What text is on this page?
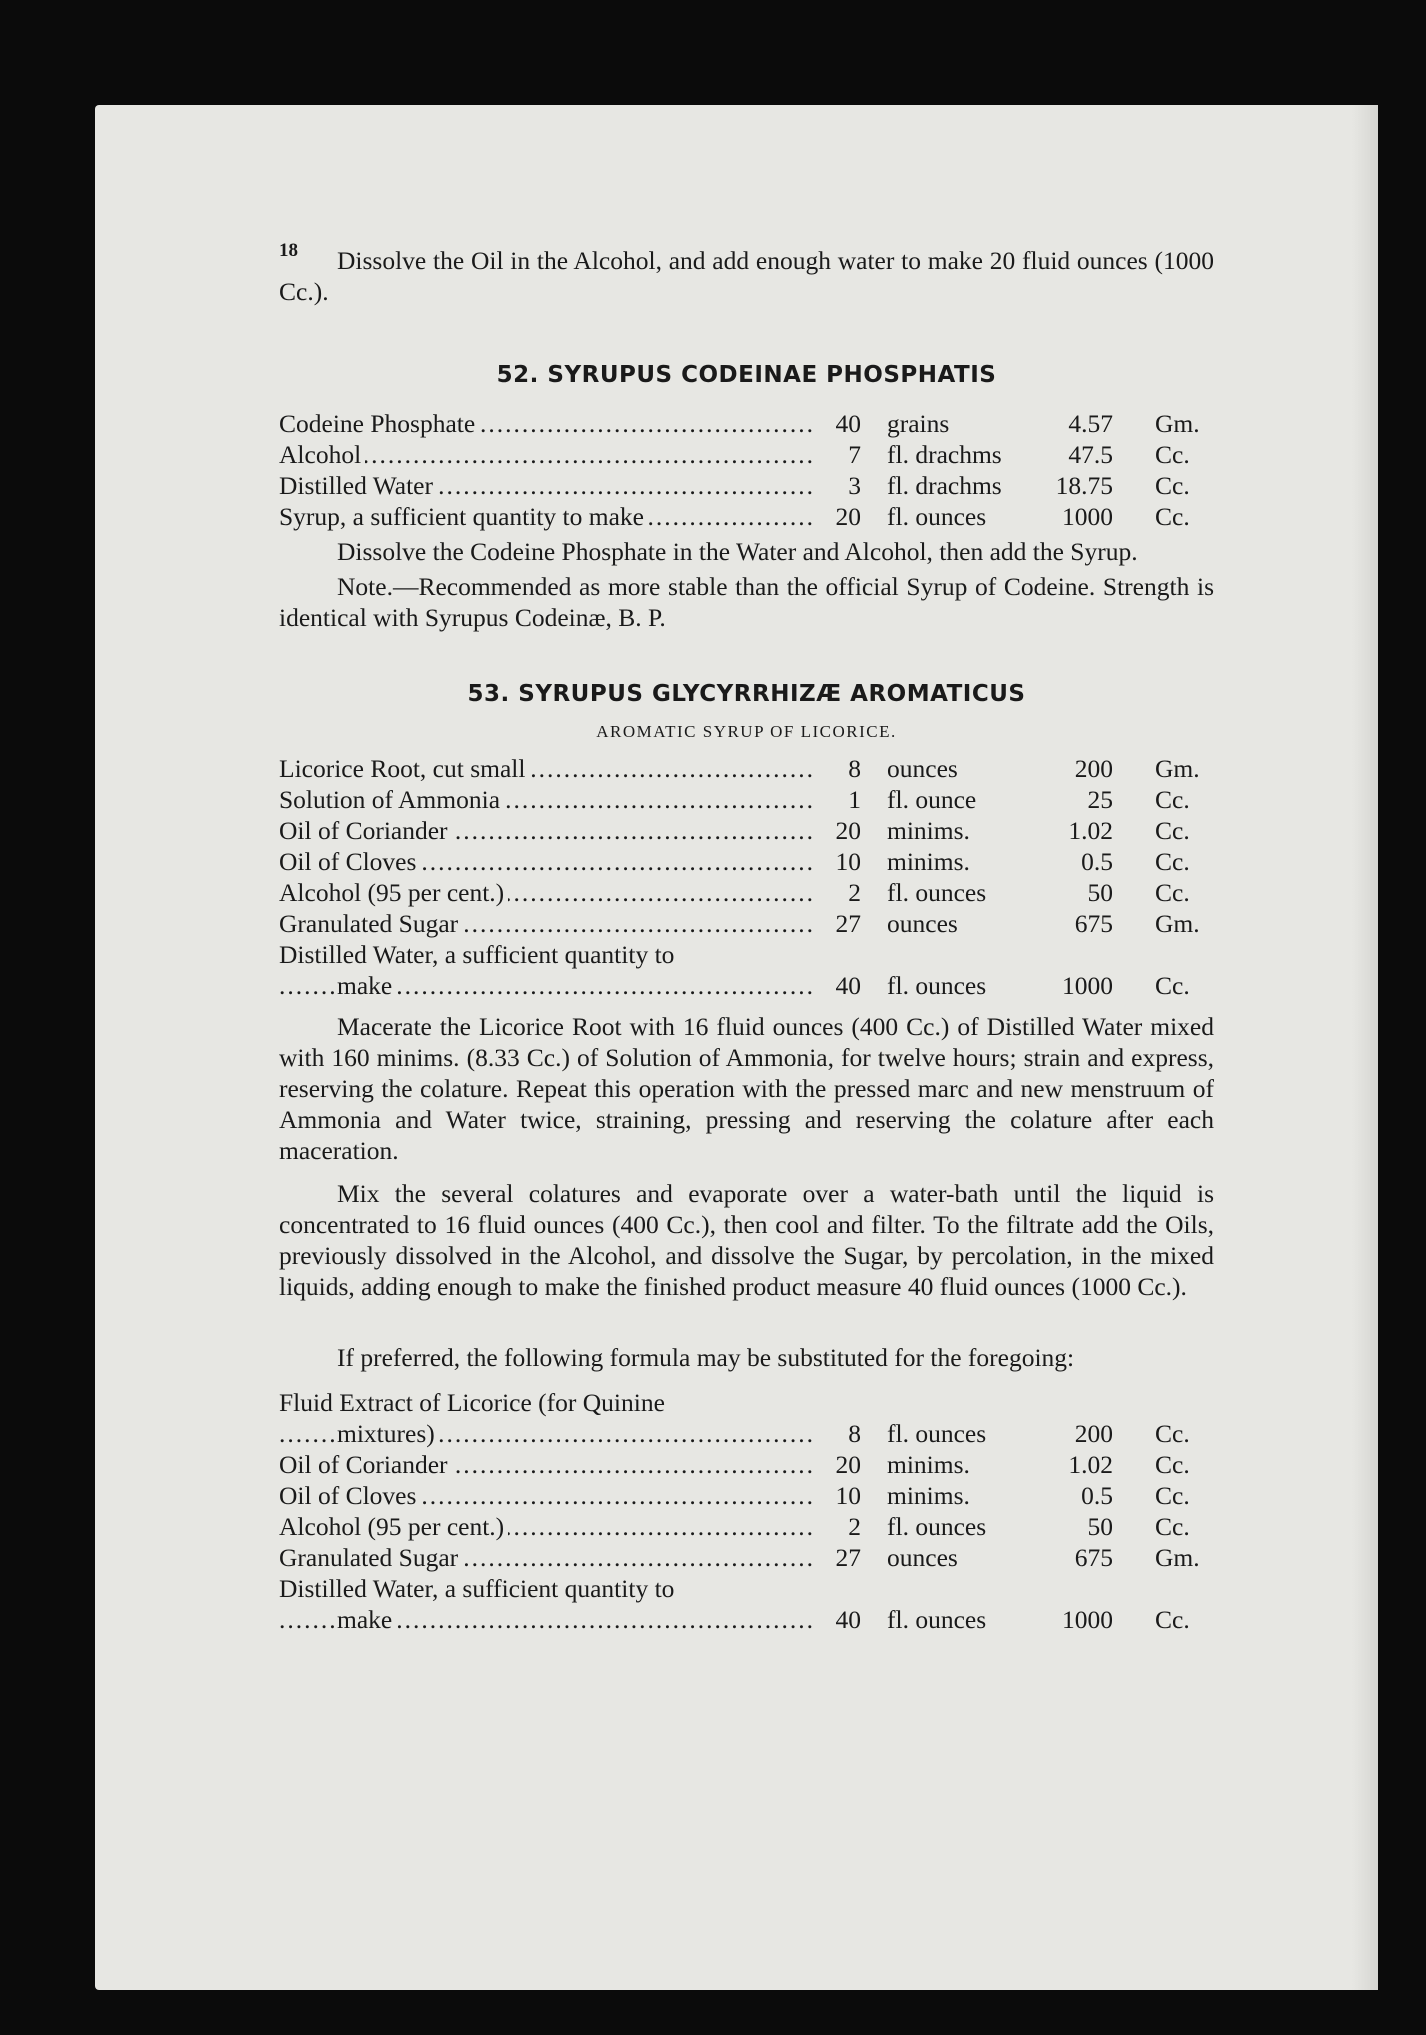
18	Dissolve the Oil in the Alcohol, and add enough water to make 20 fluid ounces (1000 Cc.).

52. SYRUPUS CODEINAE PHOSPHATIS

Codeine Phosphate .....	40 grains	4.57 Gm.
Alcohol .....	7 fl. drachms	47.5 Cc.
Distilled Water .....	3 fl. drachms	18.75 Cc.
Syrup, a sufficient quantity to make .....	20 fl. ounces	1000 Cc.

Dissolve the Codeine Phosphate in the Water and Alcohol, then add the Syrup.

Note.—Recommended as more stable than the official Syrup of Codeine. Strength is identical with Syrupus Codeinæ, B. P.

53. SYRUPUS GLYCYRRHIZÆ AROMATICUS

AROMATIC SYRUP OF LICORICE.

Licorice Root, cut small .....	8 ounces	200 Gm.
Solution of Ammonia .....	1 fl. ounce	25 Cc.
Oil of Coriander .....	20 minims.	1.02 Cc.
Oil of Cloves .....	10 minims.	0.5 Cc.
Alcohol (95 per cent.) .....	2 fl. ounces	50 Cc.
Granulated Sugar .....	27 ounces	675 Gm.
Distilled Water, a sufficient quantity to
make .....	40 fl. ounces	1000 Cc.

Macerate the Licorice Root with 16 fluid ounces (400 Cc.) of Distilled Water mixed with 160 minims. (8.33 Cc.) of Solution of Ammonia, for twelve hours; strain and express, reserving the colature. Repeat this operation with the pressed marc and new menstruum of Ammonia and Water twice, straining, pressing and reserving the colature after each maceration.

Mix the several colatures and evaporate over a water-bath until the liquid is concentrated to 16 fluid ounces (400 Cc.), then cool and filter. To the filtrate add the Oils, previously dissolved in the Alcohol, and dissolve the Sugar, by percolation, in the mixed liquids, adding enough to make the finished product measure 40 fluid ounces (1000 Cc.).

If preferred, the following formula may be substituted for the foregoing:

Fluid Extract of Licorice (for Quinine
mixtures) .....	8 fl. ounces	200 Cc.
Oil of Coriander .....	20 minims.	1.02 Cc.
Oil of Cloves .....	10 minims.	0.5 Cc.
Alcohol (95 per cent.) .....	2 fl. ounces	50 Cc.
Granulated Sugar .....	27 ounces	675 Gm.
Distilled Water, a sufficient quantity to
make .....	40 fl. ounces	1000 Cc.
